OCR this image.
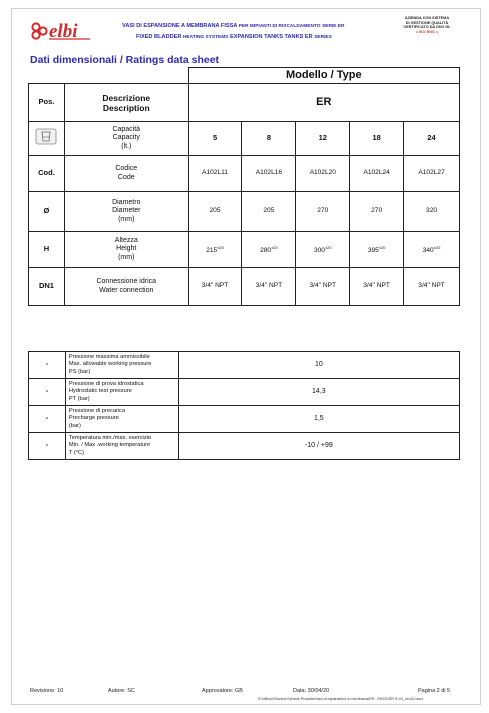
elbi	VASI DI ESPANSIONE A MEMBRANA FISSA PER IMPIANTI DI RISCALDAMENTO SERIE ER
FIXED BLADDER HEATING SYSTEMS EXPANSION TANKS TANKS ER SERIES
AZIENDA CON SISTEMA
DI GESTIONE QUALITÀ
CERTIFICATO DA DNV GL
= ISO 9001 =
Dati dimensionali / Ratings data sheet
		Modello / Type				
Pos.	Descrizione
Description	ER				

Capacità
Capacity
(lt.)	5	8	12	18	24
Cod.	Codice
Code	A102L11	A102L16	A102L20	A102L24	A102L27
Ø	Diametro
Diameter
(mm)	205	205	270	270	320
H	Altezza
Height
(mm)	$215^{\pm 20}$	$280^{\pm 20}$	$300^{\pm 20}$	$395^{\pm 20}$	$340^{\pm 20}$
DN1	Connessione idrica
Water connection	3/4" NPT	3/4" NPT	3/4" NPT	3/4" NPT	3/4" NPT
-	Pressione massima ammissibile
Max. allowable working pressure
PS (bar)	10
-	Pressione di prova idrostatica
Hydrostatic test pressure
PT (bar)	14,3
-	Pressione di precarica
Precharge pressure
(bar)	1,5
-	Temperatura min./max. esercizio
Min. / Max .working temperature
T (°C)	-10 / +99
Revisione: 10	Autore: SC	Approvatore: GB	Data: 30/04/20	Pagina 2 di 5
S:\Ufficio\Tecnico\Schede Prodotto\Vasi di espansione a membrana\ER - ERCE\ER 5÷24_rev10.docx
